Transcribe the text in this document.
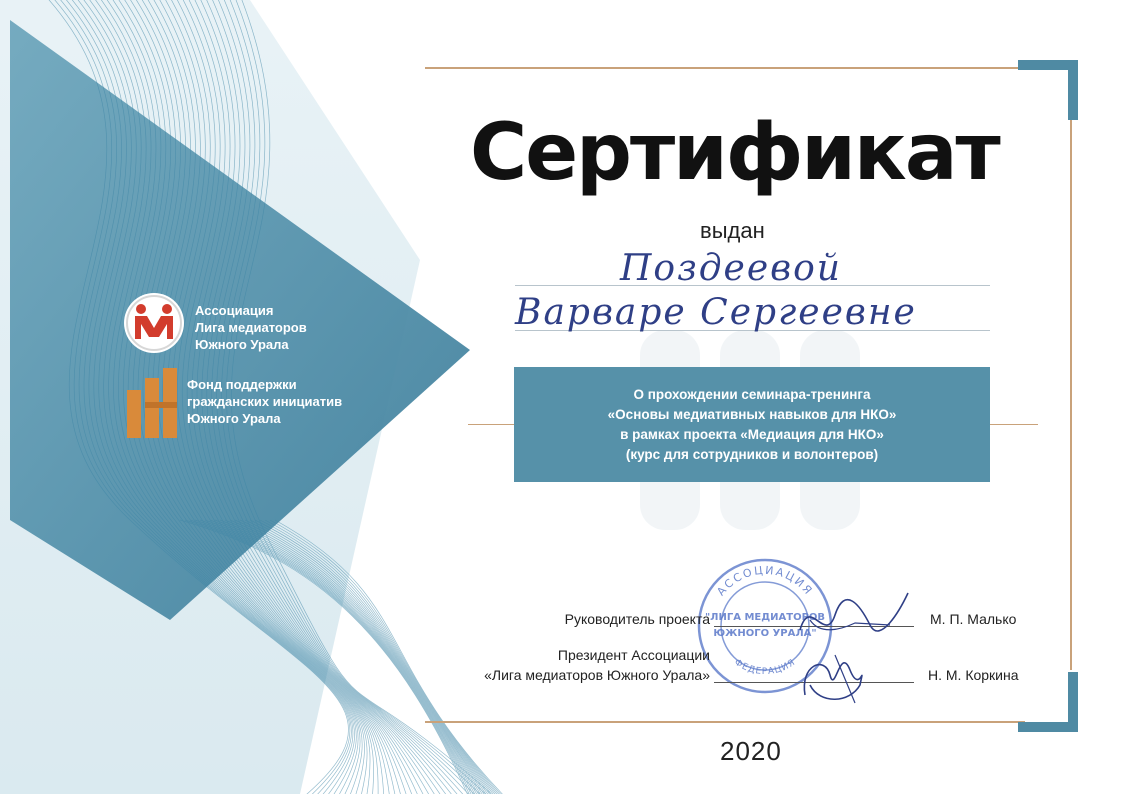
Ассоциация
Лига медиаторов
Южного Урала
Фонд поддержки
гражданских инициатив
Южного Урала
Сертификат
выдан
Поздеевой
Варваре Сергеевне
О прохождении семинара-тренинга
«Основы медиативных навыков для НКО»
в рамках проекта «Медиация для НКО»
(курс для сотрудников и волонтеров)
АССОЦИАЦИЯ
ФЕДЕРАЦИЯ
"ЛИГА МЕДИАТОРОВ
ЮЖНОГО УРАЛА"
Руководитель проекта	М. П. Малько
Президент Ассоциации
«Лига медиаторов Южного Урала»	Н. М. Коркина
2020
